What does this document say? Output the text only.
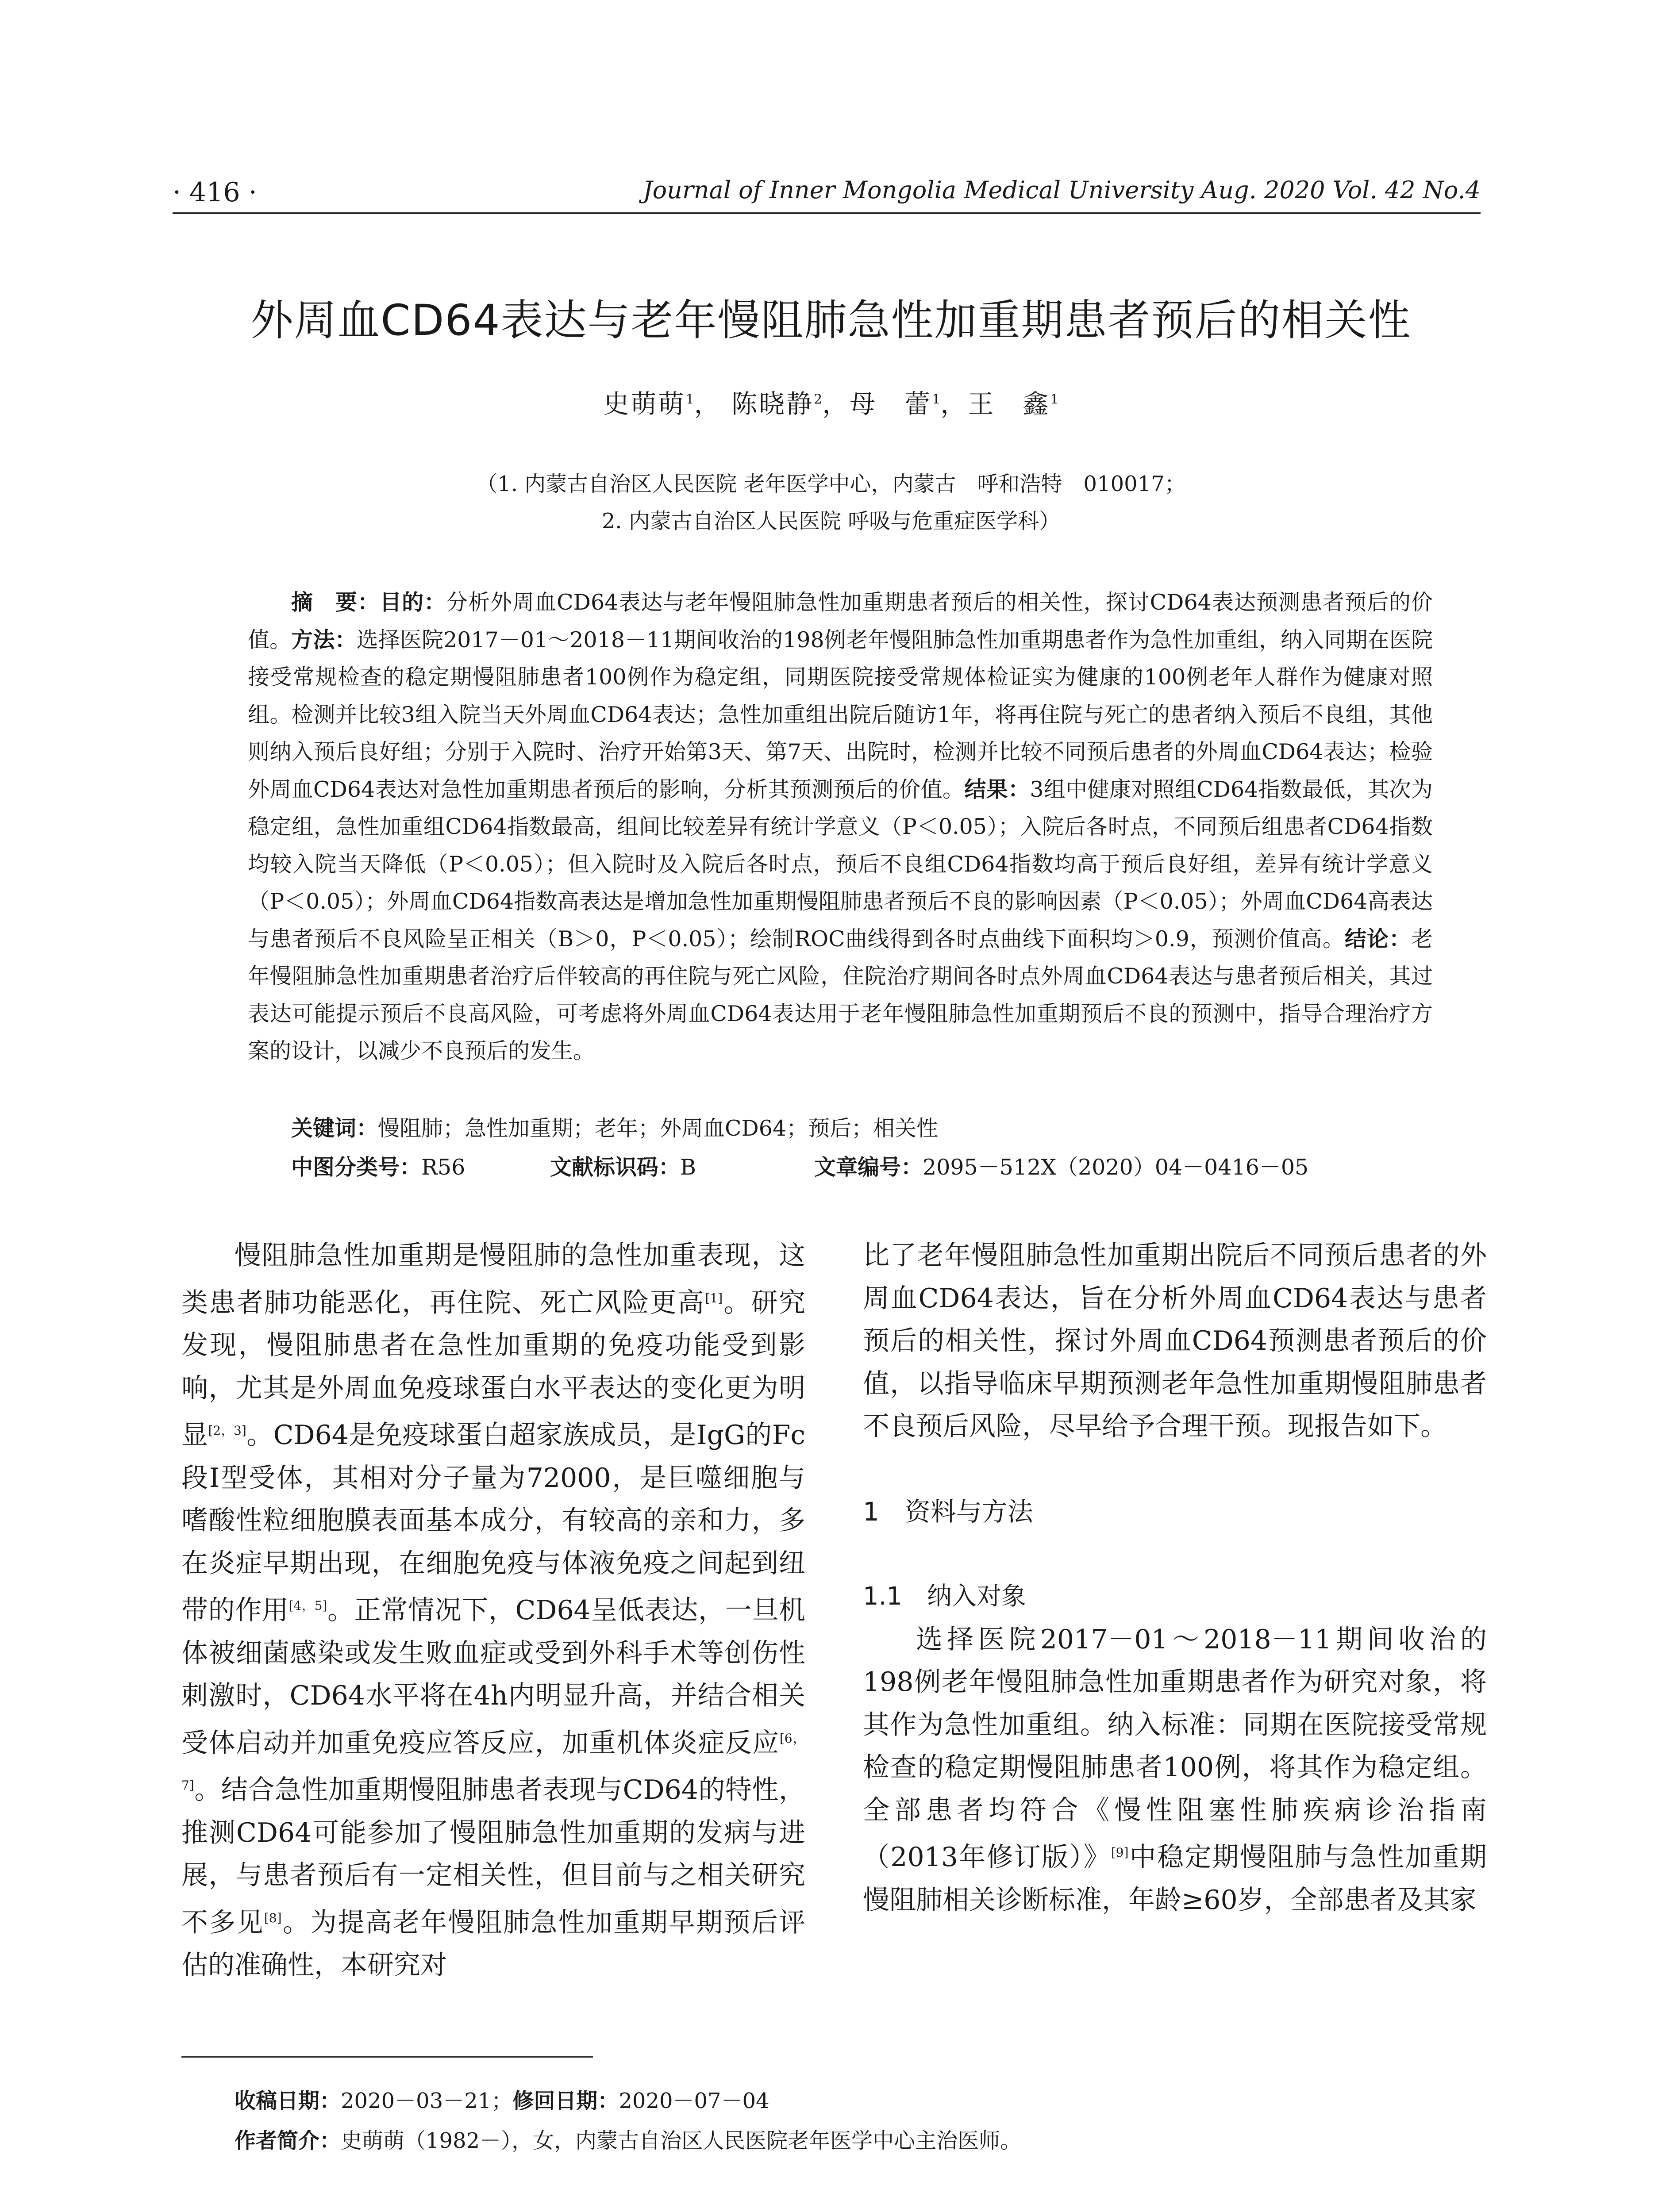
· 416 ·	Journal of Inner Mongolia Medical University Aug. 2020 Vol. 42 No.4
外周血CD64表达与老年慢阻肺急性加重期患者预后的相关性
史萌萌$^1$， 陈晓静$^2$，母　蕾$^1$，王　鑫$^1$
（1. 内蒙古自治区人民医院 老年医学中心，内蒙古　呼和浩特　010017；
2. 内蒙古自治区人民医院 呼吸与危重症医学科）
摘　要：目的：分析外周血CD64表达与老年慢阻肺急性加重期患者预后的相关性，探讨CD64表达预测患者预后的价值。方法：选择医院2017－01～2018－11期间收治的198例老年慢阻肺急性加重期患者作为急性加重组，纳入同期在医院接受常规检查的稳定期慢阻肺患者100例作为稳定组，同期医院接受常规体检证实为健康的100例老年人群作为健康对照组。检测并比较3组入院当天外周血CD64表达；急性加重组出院后随访1年，将再住院与死亡的患者纳入预后不良组，其他则纳入预后良好组；分别于入院时、治疗开始第3天、第7天、出院时，检测并比较不同预后患者的外周血CD64表达；检验外周血CD64表达对急性加重期患者预后的影响，分析其预测预后的价值。结果：3组中健康对照组CD64指数最低，其次为稳定组，急性加重组CD64指数最高，组间比较差异有统计学意义（P＜0.05）；入院后各时点，不同预后组患者CD64指数均较入院当天降低（P＜0.05）；但入院时及入院后各时点，预后不良组CD64指数均高于预后良好组，差异有统计学意义（P＜0.05）；外周血CD64指数高表达是增加急性加重期慢阻肺患者预后不良的影响因素（P＜0.05）；外周血CD64高表达与患者预后不良风险呈正相关（B＞0，P＜0.05）；绘制ROC曲线得到各时点曲线下面积均＞0.9，预测价值高。结论：老年慢阻肺急性加重期患者治疗后伴较高的再住院与死亡风险，住院治疗期间各时点外周血CD64表达与患者预后相关，其过表达可能提示预后不良高风险，可考虑将外周血CD64表达用于老年慢阻肺急性加重期预后不良的预测中，指导合理治疗方案的设计，以减少不良预后的发生。
关键词：慢阻肺；急性加重期；老年；外周血CD64；预后；相关性
中图分类号：R56	文献标识码：B	文章编号：2095－512X（2020）04－0416－05

慢阻肺急性加重期是慢阻肺的急性加重表现，这类患者肺功能恶化，再住院、死亡风险更高[1]。研究发现，慢阻肺患者在急性加重期的免疫功能受到影响，尤其是外周血免疫球蛋白水平表达的变化更为明显[2，3]。CD64是免疫球蛋白超家族成员，是IgG的Fc段Ⅰ型受体，其相对分子量为72000，是巨噬细胞与嗜酸性粒细胞膜表面基本成分，有较高的亲和力，多在炎症早期出现，在细胞免疫与体液免疫之间起到纽带的作用[4，5]。正常情况下，CD64呈低表达，一旦机体被细菌感染或发生败血症或受到外科手术等创伤性刺激时，CD64水平将在4h内明显升高，并结合相关受体启动并加重免疫应答反应，加重机体炎症反应[6，7]。结合急性加重期慢阻肺患者表现与CD64的特性，推测CD64可能参加了慢阻肺急性加重期的发病与进展，与患者预后有一定相关性，但目前与之相关研究不多见[8]。为提高老年慢阻肺急性加重期早期预后评估的准确性，本研究对

比了老年慢阻肺急性加重期出院后不同预后患者的外周血CD64表达，旨在分析外周血CD64表达与患者预后的相关性，探讨外周血CD64预测患者预后的价值，以指导临床早期预测老年急性加重期慢阻肺患者不良预后风险，尽早给予合理干预。现报告如下。

1　资料与方法

1.1　纳入对象

选择医院2017－01～2018－11期间收治的198例老年慢阻肺急性加重期患者作为研究对象，将其作为急性加重组。纳入标准：同期在医院接受常规检查的稳定期慢阻肺患者100例，将其作为稳定组。全部患者均符合《慢性阻塞性肺疾病诊治指南（2013年修订版）》[9]中稳定期慢阻肺与急性加重期慢阻肺相关诊断标准，年龄≥60岁，全部患者及其家

收稿日期：2020－03－21；修回日期：2020－07－04
作者简介：史萌萌（1982－），女，内蒙古自治区人民医院老年医学中心主治医师。
